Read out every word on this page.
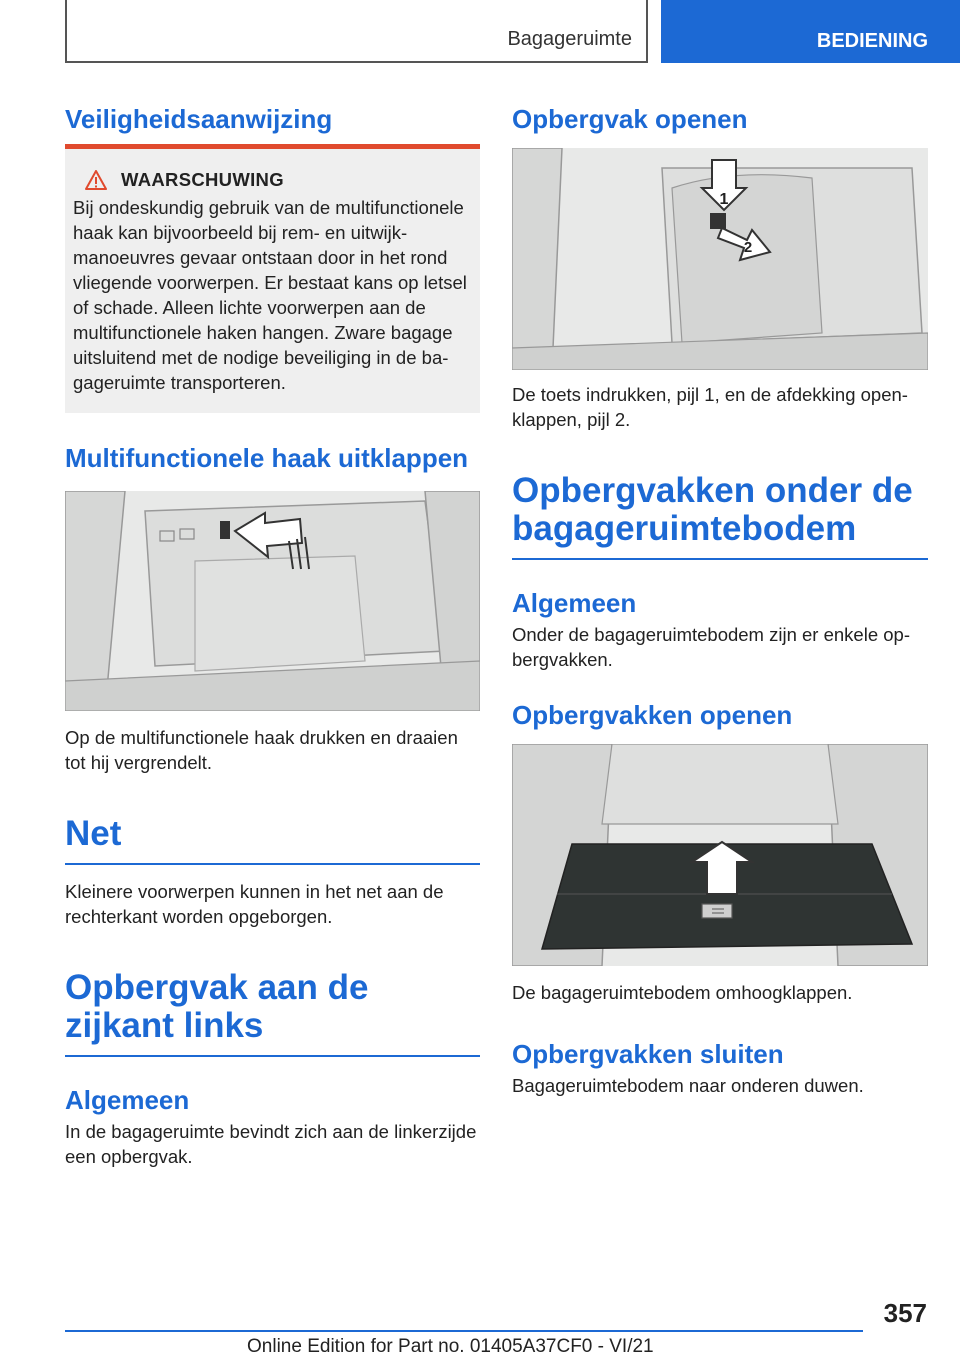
Bagageruimte	BEDIENING
Veiligheidsaanwijzing
WAARSCHUWING

Bij ondeskundig gebruik van de multifunctionele haak kan bijvoorbeeld bij rem- en uitwijkmanoeuvres gevaar ontstaan door in het rond vliegende voorwerpen. Er bestaat kans op letsel of schade. Alleen lichte voorwerpen aan de multifunctionele haken hangen. Zware bagage uitsluitend met de nodige beveiliging in de bagageruimte transporteren.

Multifunctionele haak uitklappen

Op de multifunctionele haak drukken en draaien tot hij vergrendelt.

Net

Kleinere voorwerpen kunnen in het net aan de rechterkant worden opgeborgen.

Opbergvak aan de zijkant links
Algemeen

In de bagageruimte bevindt zich aan de linkerzijde een opbergvak.

Opbergvak openen
1
2

De toets indrukken, pijl 1, en de afdekking openklappen, pijl 2.

Opbergvakken onder de bagageruimtebodem
Algemeen

Onder de bagageruimtebodem zijn er enkele opbergvakken.

Opbergvakken openen

De bagageruimtebodem omhoogklappen.

Opbergvakken sluiten

Bagageruimtebodem naar onderen duwen.

357
Online Edition for Part no. 01405A37CF0 - VI/21
